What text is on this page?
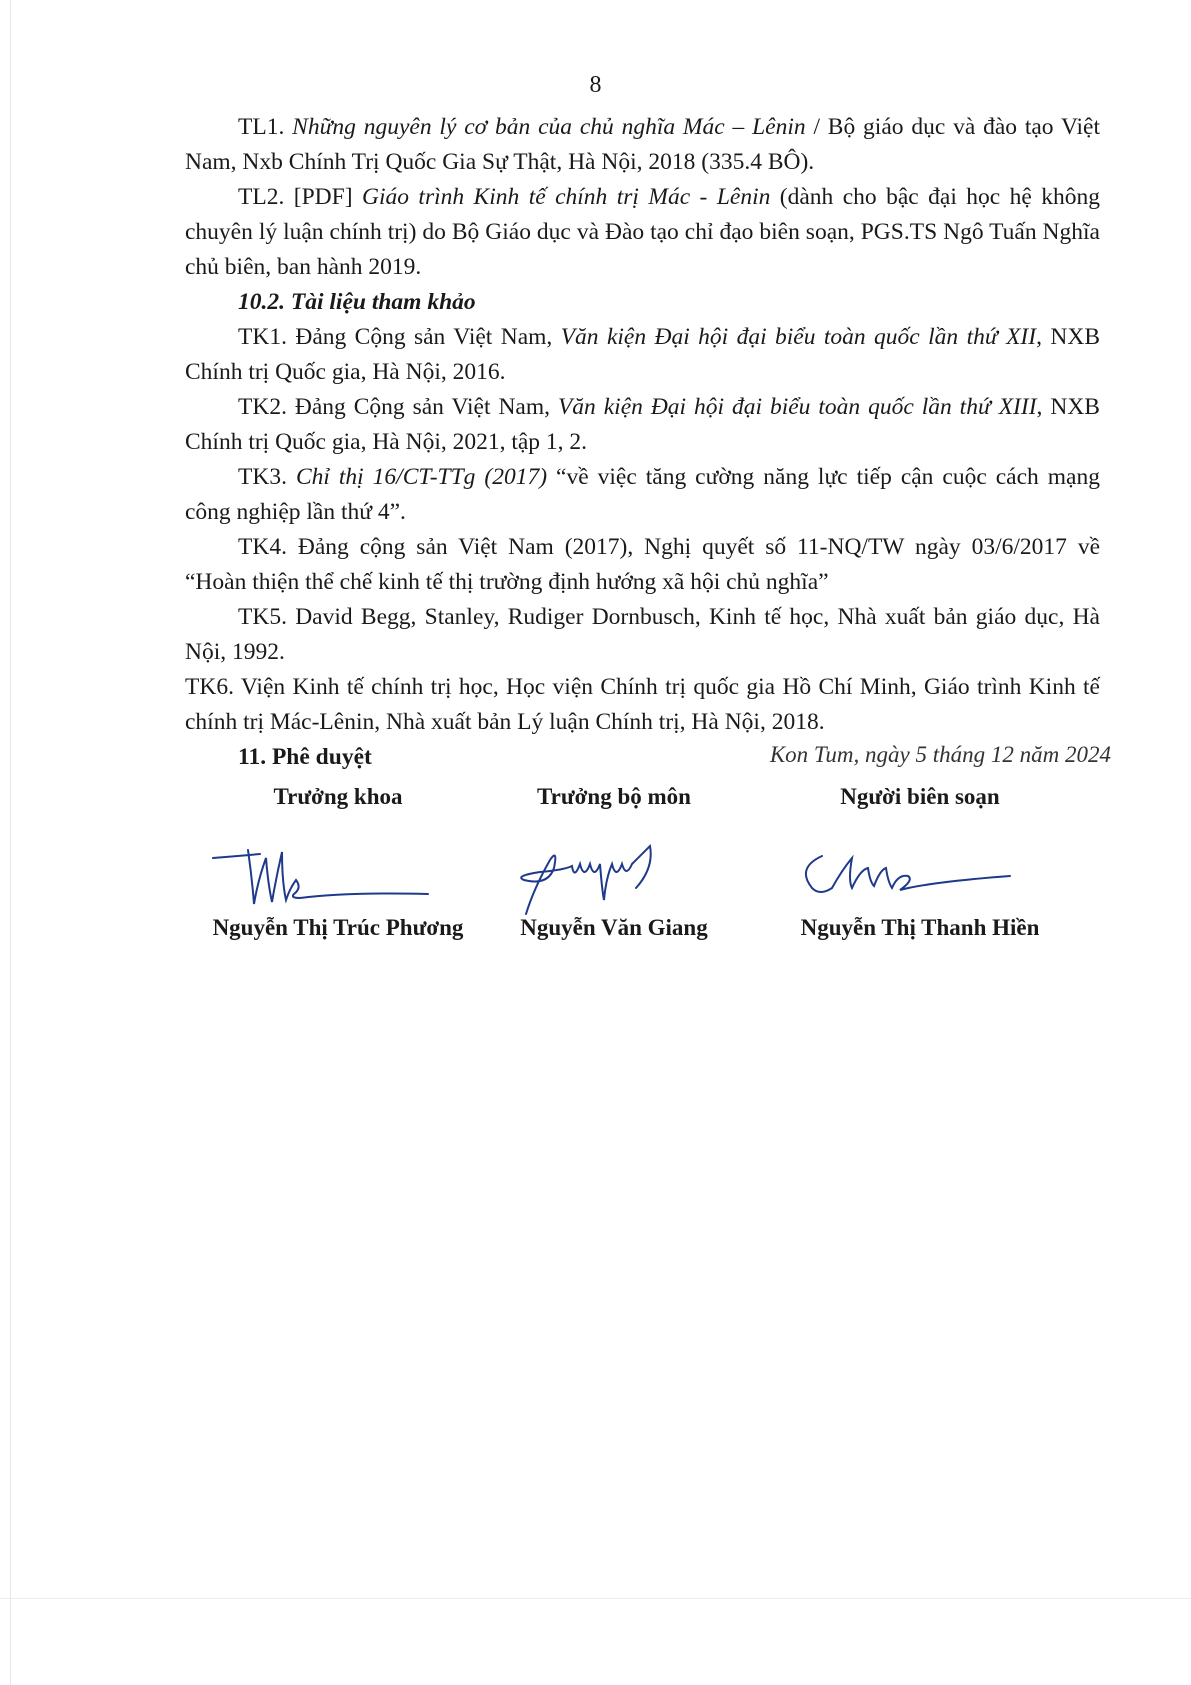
8

TL1. Những nguyên lý cơ bản của chủ nghĩa Mác – Lênin / Bộ giáo dục và đào tạo Việt Nam, Nxb Chính Trị Quốc Gia Sự Thật, Hà Nội, 2018 (335.4 BÔ).

TL2. [PDF] Giáo trình Kinh tế chính trị Mác - Lênin (dành cho bậc đại học hệ không chuyên lý luận chính trị) do Bộ Giáo dục và Đào tạo chỉ đạo biên soạn, PGS.TS Ngô Tuấn Nghĩa chủ biên, ban hành 2019.

10.2. Tài liệu tham khảo

TK1. Đảng Cộng sản Việt Nam, Văn kiện Đại hội đại biểu toàn quốc lần thứ XII, NXB Chính trị Quốc gia, Hà Nội, 2016.

TK2. Đảng Cộng sản Việt Nam, Văn kiện Đại hội đại biểu toàn quốc lần thứ XIII, NXB Chính trị Quốc gia, Hà Nội, 2021, tập 1, 2.

TK3. Chỉ thị 16/CT-TTg (2017) “về việc tăng cường năng lực tiếp cận cuộc cách mạng công nghiệp lần thứ 4”.

TK4. Đảng cộng sản Việt Nam (2017), Nghị quyết số 11-NQ/TW ngày 03/6/2017 về “Hoàn thiện thể chế kinh tế thị trường định hướng xã hội chủ nghĩa”

TK5. David Begg, Stanley, Rudiger Dornbusch, Kinh tế học, Nhà xuất bản giáo dục, Hà Nội, 1992.

TK6. Viện Kinh tế chính trị học, Học viện Chính trị quốc gia Hồ Chí Minh, Giáo trình Kinh tế chính trị Mác-Lênin, Nhà xuất bản Lý luận Chính trị, Hà Nội, 2018.

11. Phê duyệt	Kon Tum, ngày 5 tháng 12 năm 2024
Trưởng khoa
Nguyễn Thị Trúc Phương
Trưởng bộ môn
Nguyễn Văn Giang
Người biên soạn
Nguyễn Thị Thanh Hiền
